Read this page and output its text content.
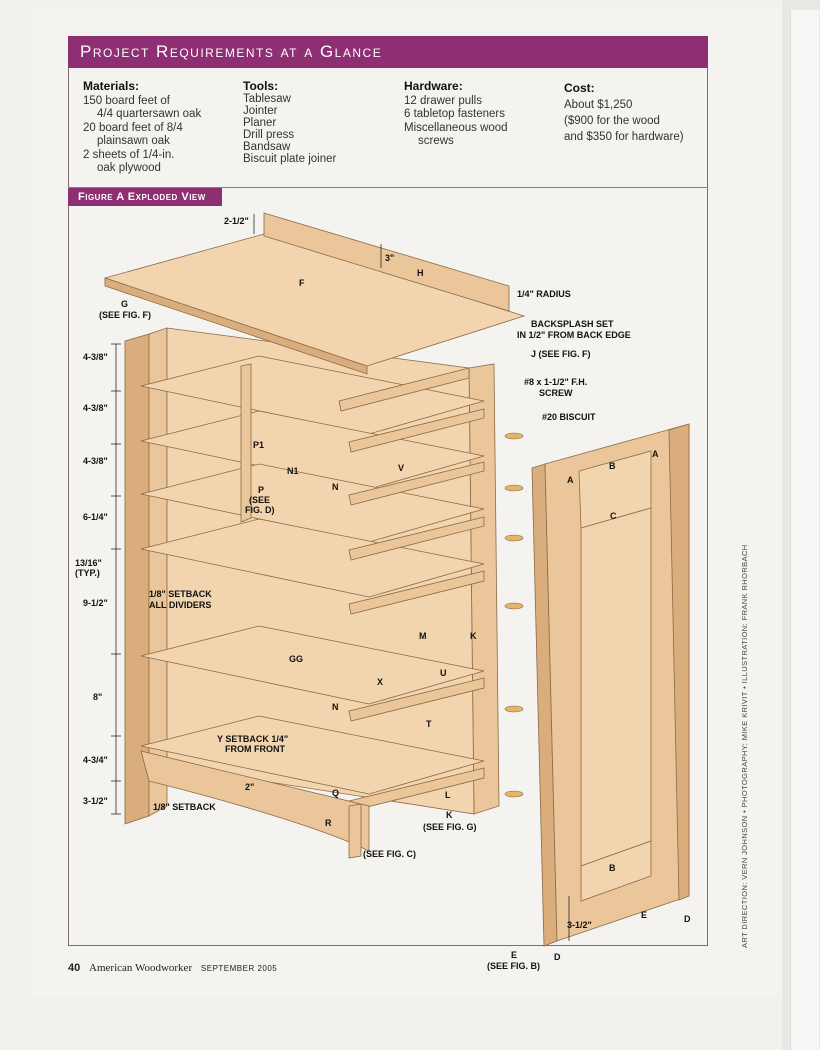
Project Requirements at a Glance
Materials:
150 board feet of
4/4 quartersawn oak
20 board feet of 8/4
plainsawn oak
2 sheets of 1/4-in.
oak plywood
Tools:
Tablesaw
Jointer
Planer
Drill press
Bandsaw
Biscuit plate joiner
Hardware:
12 drawer pulls
6 tabletop fasteners
Miscellaneous wood
screws
Cost:
About $1,250
($900 for the wood
and $350 for hardware)
Figure A Exploded View
2-1/2"
3"
F
H
1/4" RADIUS
G
(SEE FIG. F)
BACKSPLASH SET
IN 1/2" FROM BACK EDGE
J (SEE FIG. F)
#8 x 1-1/2" F.H.
SCREW
#20 BISCUIT
4-3/8"
4-3/8"
4-3/8"
6-1/4"
13/16"
(TYP.)
9-1/2"
8"
4-3/4"
3-1/2"
P1
N1	V
P
(SEE
FIG. D)
N
1/8" SETBACK
ALL DIVIDERS
M	K
GG
X
U
N
T
Y SETBACK 1/4"
FROM FRONT
2"
Q	L
1/8" SETBACK
R
K
(SEE FIG. G)
(SEE FIG. C)
A
B
A
C
B
E	D
3-1/2"
E	D
(SEE FIG. B)
ART DIRECTION: VERN JOHNSON • PHOTOGRAPHY: MIKE KRIVIT • ILLUSTRATION: FRANK RHORBACH
40 American Woodworker SEPTEMBER 2005
